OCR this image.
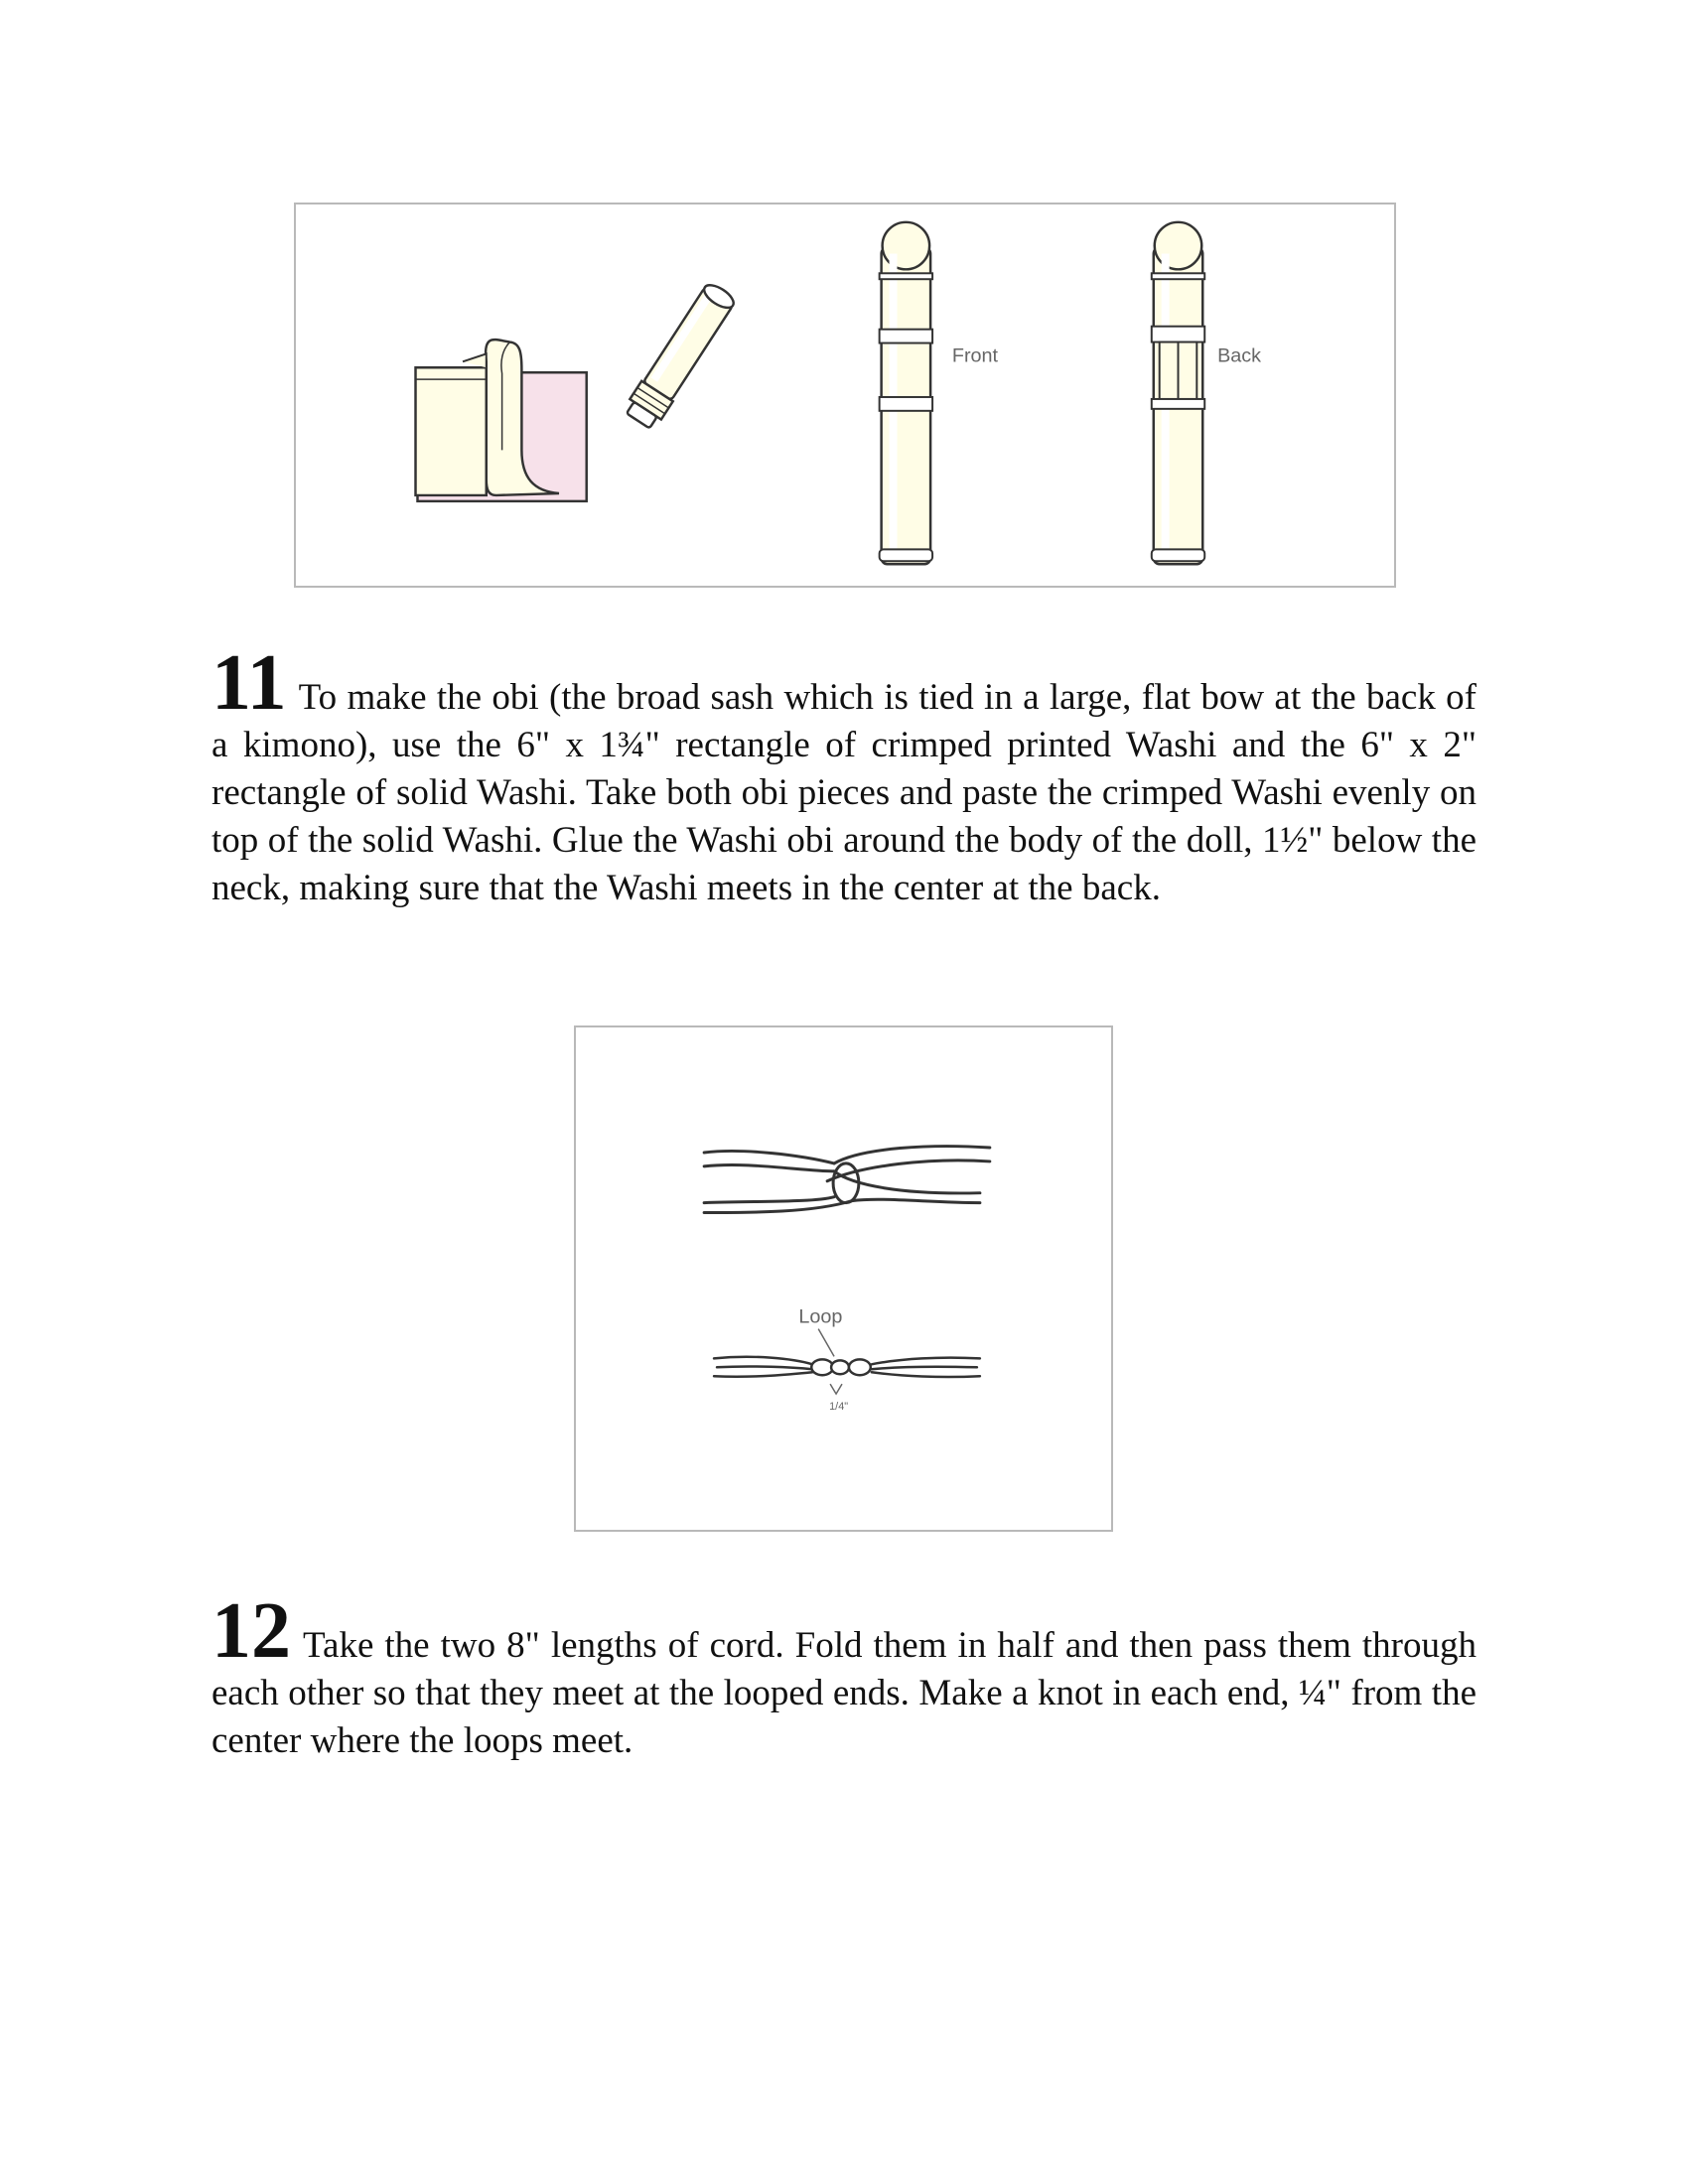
Front	Back
11 To make the obi (the broad sash which is tied in a large, flat bow at the back of a kimono), use the 6" x 1¾" rectangle of crimped printed Washi and the 6" x 2" rectangle of solid Washi. Take both obi pieces and paste the crimped Washi evenly on top of the solid Washi. Glue the Washi obi around the body of the doll, 1½" below the neck, making sure that the Washi meets in the center at the back.
Loop
1/4"
12 Take the two 8" lengths of cord. Fold them in half and then pass them through each other so that they meet at the looped ends. Make a knot in each end, ¼" from the center where the loops meet.
